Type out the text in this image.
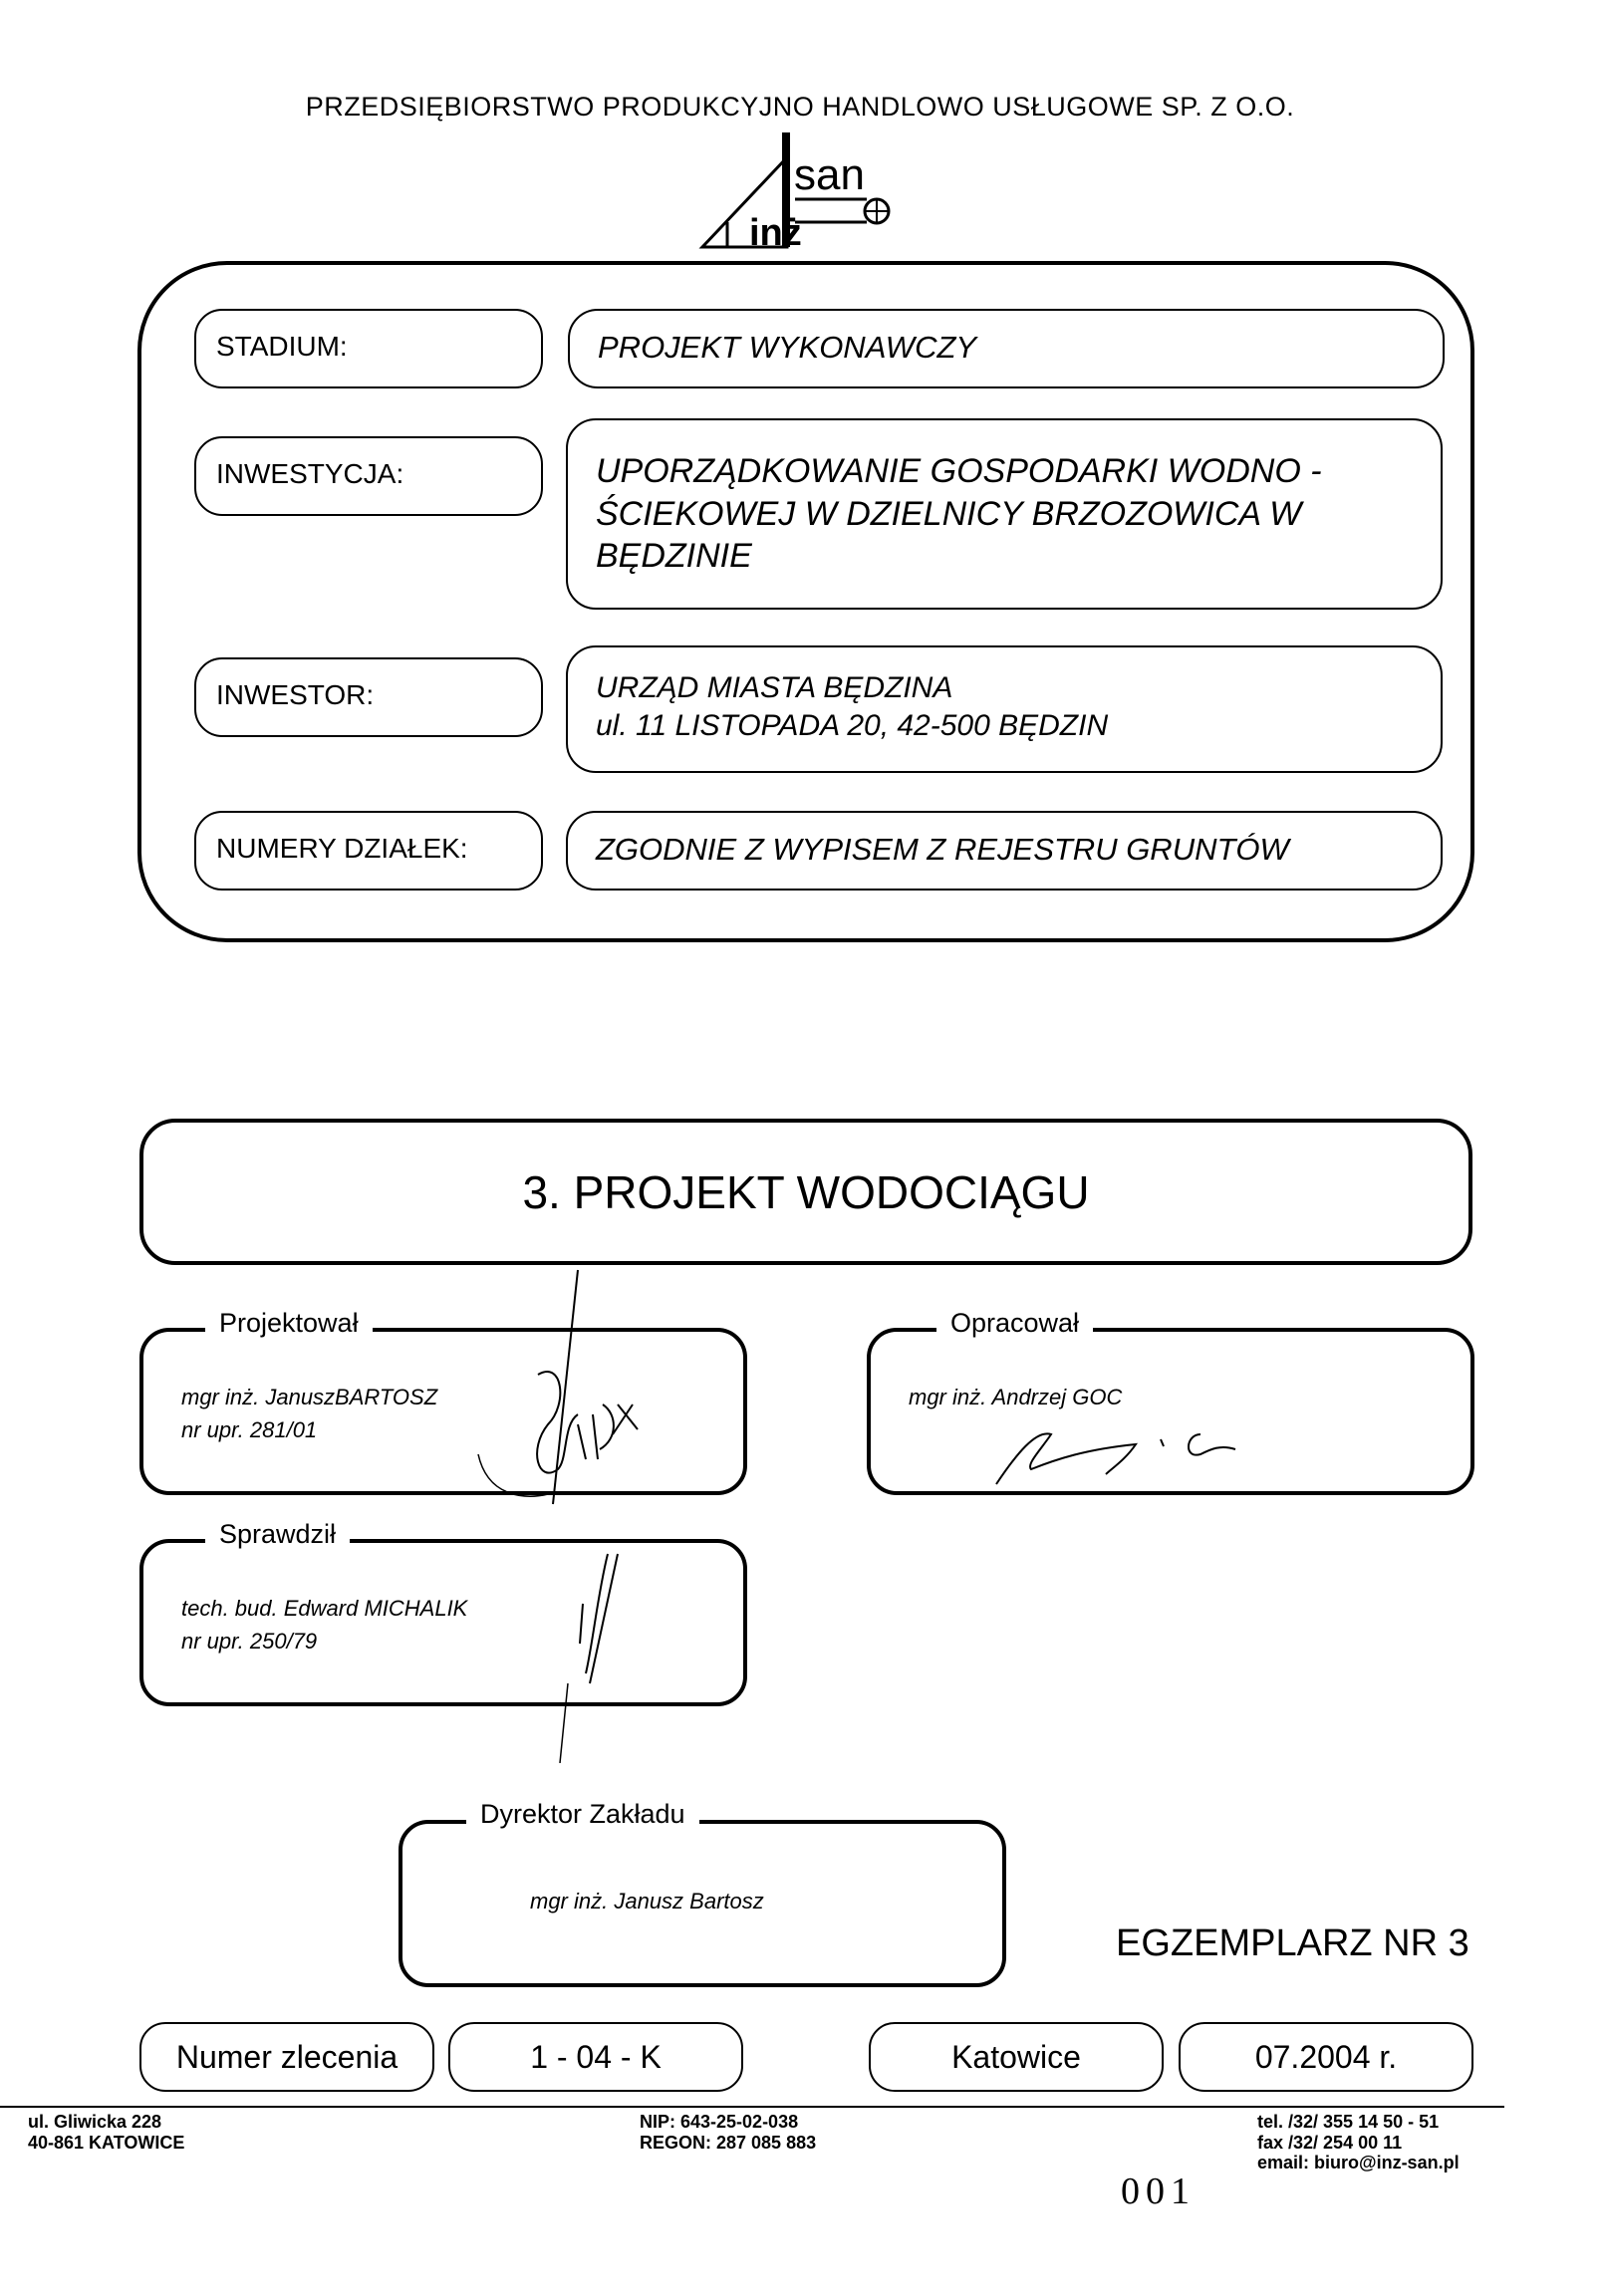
PRZEDSIĘBIORSTWO PRODUKCYJNO HANDLOWO USŁUGOWE SP. Z O.O.
inż
san
STADIUM:	PROJEKT WYKONAWCZY
INWESTYCJA:	UPORZĄDKOWANIE GOSPODARKI WODNO -
ŚCIEKOWEJ W DZIELNICY BRZOZOWICA W
BĘDZINIE
INWESTOR:	URZĄD MIASTA BĘDZINA
ul. 11 LISTOPADA 20, 42-500 BĘDZIN
NUMERY DZIAŁEK:	ZGODNIE Z WYPISEM Z REJESTRU GRUNTÓW
3. PROJEKT WODOCIĄGU
Projektował
mgr inż. JanuszBARTOSZ
nr upr. 281/01
Opracował
mgr inż. Andrzej GOC
Sprawdził
tech. bud. Edward MICHALIK
nr upr. 250/79
Dyrektor Zakładu
mgr inż. Janusz Bartosz
EGZEMPLARZ NR 3
Numer zlecenia	1 - 04 - K	Katowice	07.2004 r.
ul. Gliwicka 228
40-861 KATOWICE
NIP: 643-25-02-038
REGON: 287 085 883
tel. /32/ 355 14 50 - 51
fax /32/ 254 00 11
email: biuro@inz-san.pl
001
